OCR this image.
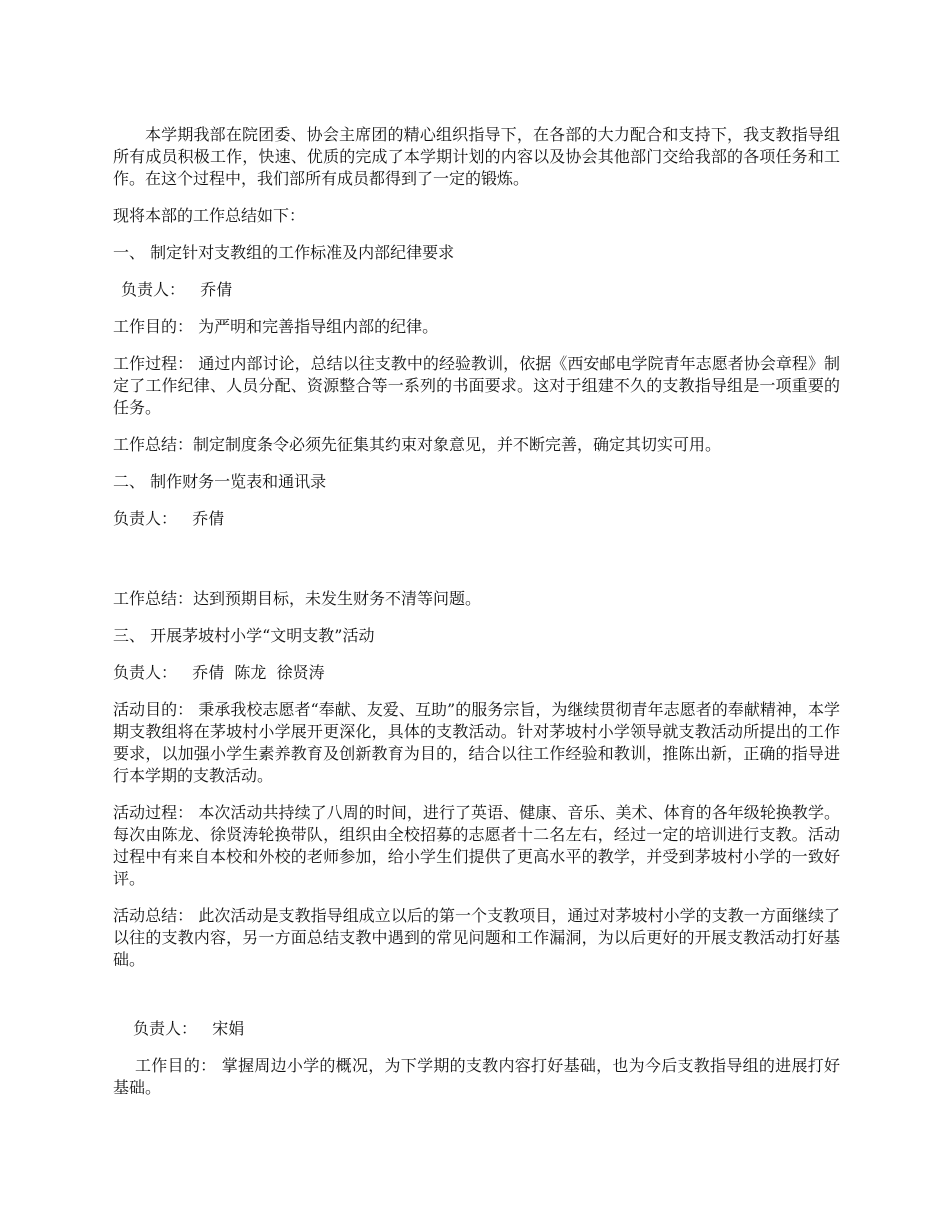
本学期我部在院团委、协会主席团的精心组织指导下，在各部的大力配合和支持下，我支教指导组所有成员积极工作，快速、优质的完成了本学期计划的内容以及协会其他部门交给我部的各项任务和工作。在这个过程中，我们部所有成员都得到了一定的锻炼。

现将本部的工作总结如下：

一、 制定针对支教组的工作标准及内部纪律要求

负责人：   乔倩

工作目的： 为严明和完善指导组内部的纪律。

工作过程： 通过内部讨论，总结以往支教中的经验教训，依据《西安邮电学院青年志愿者协会章程》制定了工作纪律、人员分配、资源整合等一系列的书面要求。这对于组建不久的支教指导组是一项重要的任务。

工作总结：制定制度条令必须先征集其约束对象意见，并不断完善，确定其切实可用。

二、 制作财务一览表和通讯录

负责人：   乔倩

工作总结：达到预期目标，未发生财务不清等问题。

三、 开展茅坡村小学“文明支教”活动

负责人：   乔倩  陈龙  徐贤涛

活动目的： 秉承我校志愿者“奉献、友爱、互助”的服务宗旨，为继续贯彻青年志愿者的奉献精神，本学期支教组将在茅坡村小学展开更深化，具体的支教活动。针对茅坡村小学领导就支教活动所提出的工作要求，以加强小学生素养教育及创新教育为目的，结合以往工作经验和教训，推陈出新，正确的指导进行本学期的支教活动。

活动过程： 本次活动共持续了八周的时间，进行了英语、健康、音乐、美术、体育的各年级轮换教学。每次由陈龙、徐贤涛轮换带队，组织由全校招募的志愿者十二名左右，经过一定的培训进行支教。活动过程中有来自本校和外校的老师参加，给小学生们提供了更高水平的教学，并受到茅坡村小学的一致好评。

活动总结： 此次活动是支教指导组成立以后的第一个支教项目，通过对茅坡村小学的支教一方面继续了以往的支教内容，另一方面总结支教中遇到的常见问题和工作漏洞，为以后更好的开展支教活动打好基础。

负责人：   宋娟

工作目的： 掌握周边小学的概况，为下学期的支教内容打好基础，也为今后支教指导组的进展打好基础。
